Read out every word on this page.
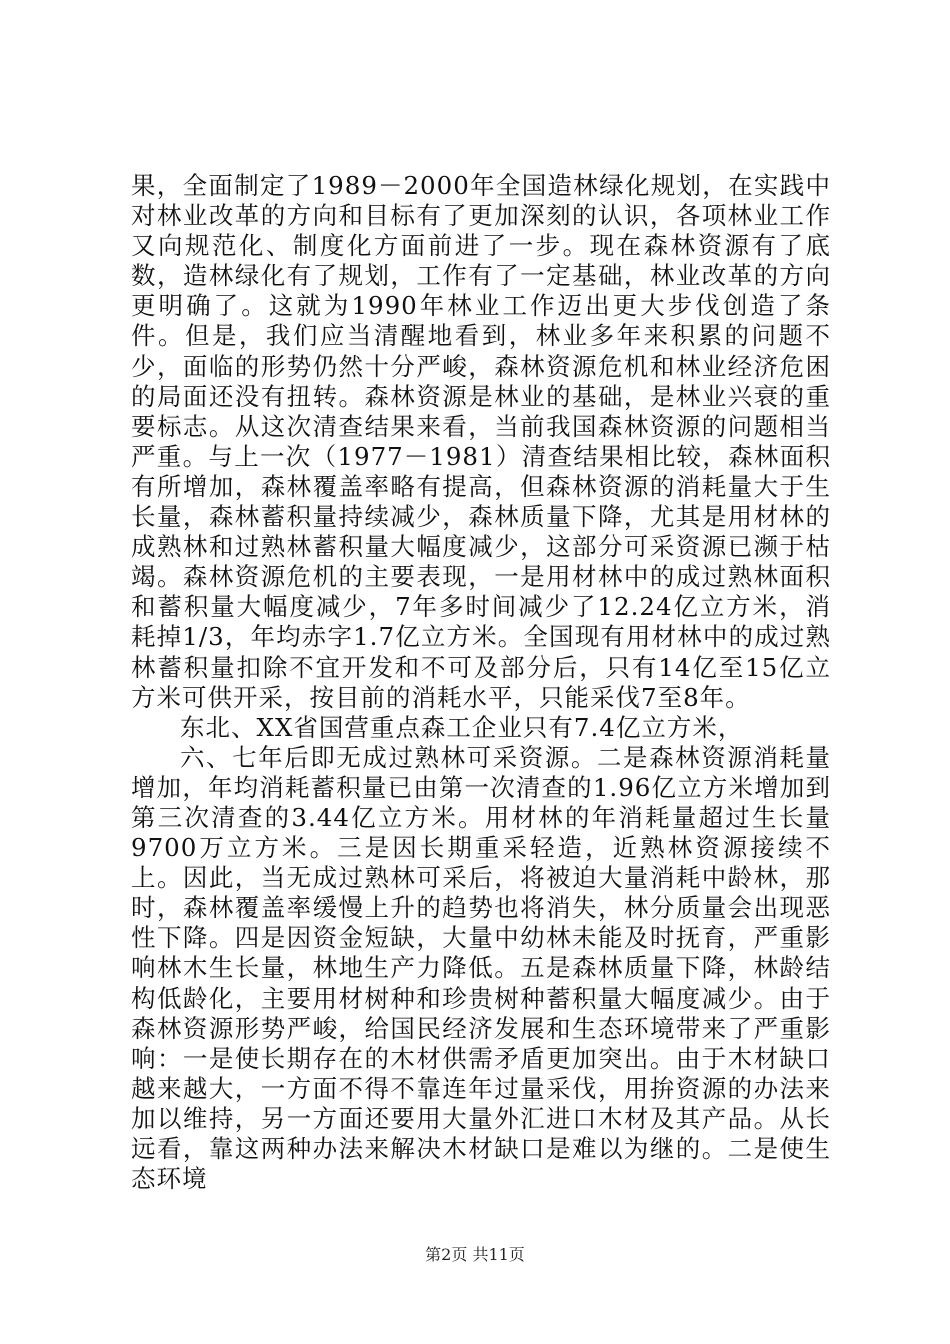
果，全面制定了1989－2000年全国造林绿化规划，在实践中对林业改革的方向和目标有了更加深刻的认识，各项林业工作又向规范化、制度化方面前进了一步。现在森林资源有了底数，造林绿化有了规划，工作有了一定基础，林业改革的方向更明确了。这就为1990年林业工作迈出更大步伐创造了条件。但是，我们应当清醒地看到，林业多年来积累的问题不少，面临的形势仍然十分严峻，森林资源危机和林业经济危困的局面还没有扭转。森林资源是林业的基础，是林业兴衰的重要标志。从这次清查结果来看，当前我国森林资源的问题相当严重。与上一次（1977－1981）清查结果相比较，森林面积有所增加，森林覆盖率略有提高，但森林资源的消耗量大于生长量，森林蓄积量持续减少，森林质量下降，尤其是用材林的成熟林和过熟林蓄积量大幅度减少，这部分可采资源已濒于枯竭。森林资源危机的主要表现，一是用材林中的成过熟林面积和蓄积量大幅度减少，7年多时间减少了12.24亿立方米，消耗掉1/3，年均赤字1.7亿立方米。全国现有用材林中的成过熟林蓄积量扣除不宜开发和不可及部分后，只有14亿至15亿立方米可供开采，按目前的消耗水平，只能采伐7至8年。

东北、XX省国营重点森工企业只有7.4亿立方米，

六、七年后即无成过熟林可采资源。二是森林资源消耗量增加，年均消耗蓄积量已由第一次清查的1.96亿立方米增加到第三次清查的3.44亿立方米。用材林的年消耗量超过生长量9700万立方米。三是因长期重采轻造，近熟林资源接续不上。因此，当无成过熟林可采后，将被迫大量消耗中龄林，那时，森林覆盖率缓慢上升的趋势也将消失，林分质量会出现恶性下降。四是因资金短缺，大量中幼林未能及时抚育，严重影响林木生长量，林地生产力降低。五是森林质量下降，林龄结构低龄化，主要用材树种和珍贵树种蓄积量大幅度减少。由于森林资源形势严峻，给国民经济发展和生态环境带来了严重影响：一是使长期存在的木材供需矛盾更加突出。由于木材缺口越来越大，一方面不得不靠连年过量采伐，用拚资源的办法来加以维持，另一方面还要用大量外汇进口木材及其产品。从长远看，靠这两种办法来解决木材缺口是难以为继的。二是使生态环境

第2页 共11页
